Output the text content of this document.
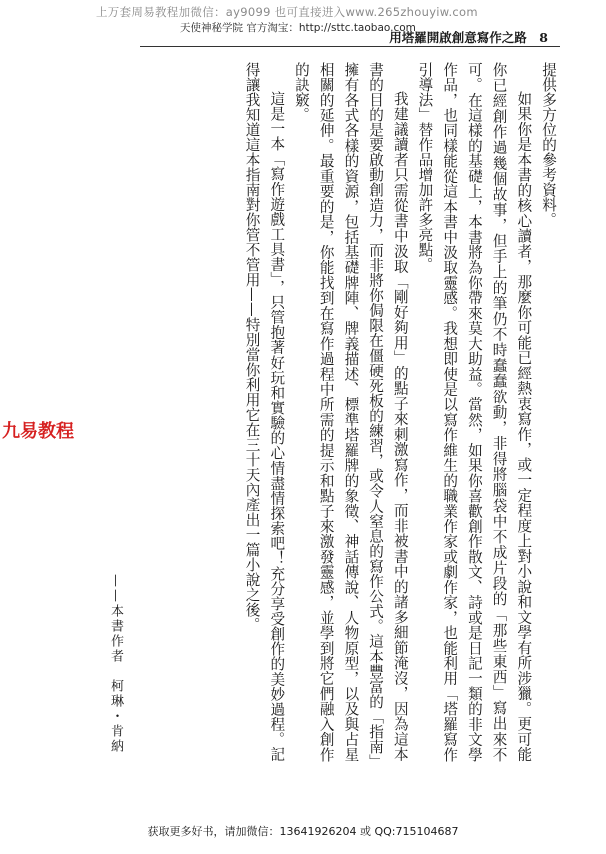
上万套周易教程加微信：ay9099 也可直接进入www.265zhouyiw.com
天使神秘学院 官方淘宝：http://sttc.taobao.com
用塔羅開啟創意寫作之路　8

提供多方位的參考資料。

如果你是本書的核心讀者，那麼你可能已經熱衷寫作，或一定程度上對小說和文學有所涉獵。更可能你已經創作過幾個故事，但手上的筆仍不時蠢蠢欲動，非得將腦袋中不成片段的「那些東西」寫出來不可。在這樣的基礎上，本書將為你帶來莫大助益。當然，如果你喜歡創作散文、詩或是日記一類的非文學作品，也同樣能從這本書中汲取靈感。我想即使是以寫作維生的職業作家或劇作家，也能利用「塔羅寫作引導法」替作品增加許多亮點。

我建議讀者只需從書中汲取「剛好夠用」的點子來刺激寫作，而非被書中的諸多細節淹沒，因為這本書的目的是要啟動創造力，而非將你侷限在僵硬死板的練習，或令人窒息的寫作公式。這本豐富的「指南」擁有各式各樣的資源，包括基礎牌陣、牌義描述、標準塔羅牌的象徵、神話傳說、人物原型，以及與占星相關的延伸。最重要的是，你能找到在寫作過程中所需的提示和點子來激發靈感，並學到將它們融入創作的訣竅。

這是一本「寫作遊戲工具書」，只管抱著好玩和實驗的心情盡情探索吧！充分享受創作的美妙過程。記得讓我知道這本指南對你管不管用——特別當你利用它在三十天內產出一篇小說之後。

——本書作者　柯琳・肯納
九易教程
获取更多好书，请加微信：13641926204 或 QQ:715104687
